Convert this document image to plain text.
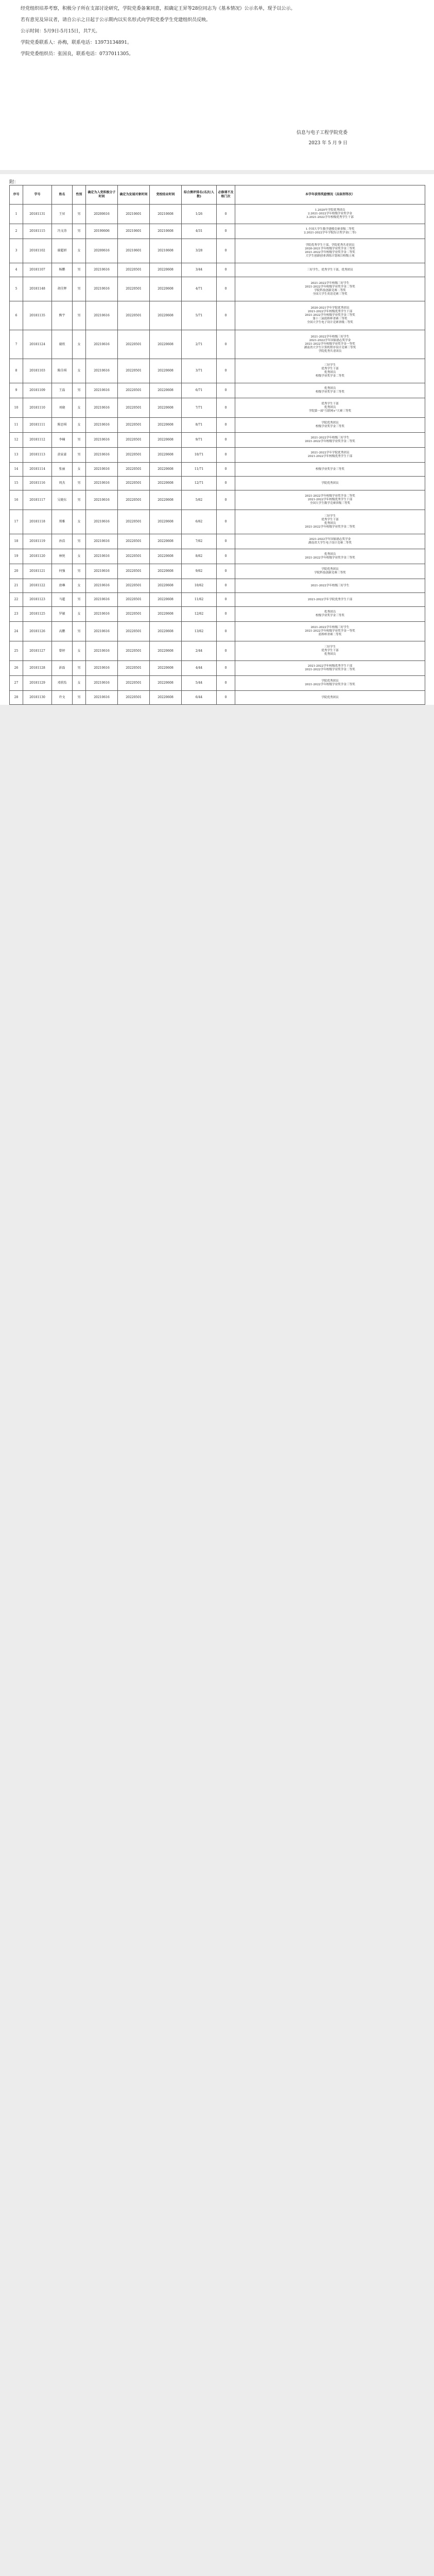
经党组织培养考察，积极分子所在支部讨论研究，学院党委备案同意，拟确定王昇等28位同志为《基本情况》公示名单，现予以公示。

若有意见及异议者，请自公示之日起于公示期内以实名形式向学院党委学生党建组织员反映。

公示时间：5月9日-5月15日，共7天。

学院党委联系人：孙梅，联系电话：13973134891。

学院党委组织员：张国良，联系电话：0737011305。

信息与电子工程学院党委
2023 年 5 月 9 日

附：

序号	学号	姓名	性别	确定为入党积极分子时间	确定为发展对象时间	党校结业时间	综合测评排名(名次/人数)	必修课不及格门次	本学年获得奖励情况（具体到等次）
1	20181131	王昇	男	20200616	20210601	20210608	1/26	0	1.2020年学院优秀团员
2.2021-2022学年校级学业奖学金
3.2021-2022学年校级优秀学生干部
2	20181115	冯文涛	男	20190606	20210601	20210608	4/31	0	1.全国大学生数学建模竞赛省级二等奖
2.2021-2022学年学院综合奖学金(二等)
3	20181102	谢超妍	女	20200616	20210601	20210608	3/28	0	学院优秀学生干部，学院优秀共青团员
2020-2021学年校级学业奖学金三等奖
2021-2022学年校级学业奖学金二等奖
大学生创新创业训练计划项目校级立项
4	20181107	杨鹏	男	20210616	20220501	20220608	3/44	0	三好学生，优秀学生干部，优秀团员
5	20181148	胡佳辉	男	20210616	20220501	20220608	4/71	0	2021-2022学年校级三好学生
2021-2022学年校级学业奖学金二等奖
学院科技创新竞赛二等奖
全国大学生英语竞赛三等奖
6	20181135	熊宇	男	20210616	20220501	20220608	5/71	0	2020-2021学年学院优秀团员
2021-2022学年校级优秀学生干部
2021-2022学年校级学业奖学金三等奖
第十三届蓝桥杯省赛三等奖
全国大学生电子设计竞赛省级二等奖
7	20181124	谢欣	女	20210616	20220501	20220608	2/71	0	2021-2022学年校级三好学生
2021-2022学年国家励志奖学金
2021-2022学年校级学业奖学金一等奖
湖南省大学生计算机程序设计竞赛三等奖
学院优秀共青团员
8	20181103	陈佳琪	女	20210616	20220501	20220608	3/71	0	三好学生
优秀学生干部
优秀团员
校级学业奖学金二等奖
9	20181109	王磊	男	20210616	20220501	20220608	6/71	0	优秀团员
校级学业奖学金三等奖
10	20181110	刘晓	女	20210616	20220501	20220608	7/71	0	优秀学生干部
优秀团员
学院第一届"互联网+"大赛三等奖
11	20181111	陈思琪	女	20210616	20220501	20220608	8/71	0	学院优秀团员
校级学业奖学金三等奖
12	20181112	李楠	男	20210616	20220501	20220608	9/71	0	2021-2022学年校级三好学生
2021-2022学年校级学业奖学金二等奖
13	20181113	黄家豪	男	20210616	20220501	20220608	10/71	0	2021-2022学年学院优秀团员
2021-2022学年校级优秀学生干部
14	20181114	张丽	女	20210616	20220501	20220608	11/71	0	校级学业奖学金三等奖
15	20181116	周杰	男	20210616	20220501	20220608	12/71	0	学院优秀团员
16	20181117	吴晓东	男	20210616	20220501	20220608	5/62	0	2021-2022学年校级学业奖学金二等奖
2021-2022学年校级优秀学生干部
全国大学生数学竞赛省级三等奖
17	20181118	郑雅	女	20210616	20220501	20220608	6/62	0	三好学生
优秀学生干部
优秀团员
2021-2022学年校级学业奖学金二等奖
18	20181119	孙浩	男	20210616	20220501	20220608	7/62	0	2021-2022学年国家励志奖学金
湖南省大学生电子设计竞赛二等奖
19	20181120	林悦	女	20210616	20220501	20220608	8/62	0	优秀团员
2021-2022学年校级学业奖学金三等奖
20	20181121	何强	男	20210616	20220501	20220608	9/62	0	学院优秀团员
学院科技创新竞赛三等奖
21	20181122	唐琳	女	20210616	20220501	20220608	10/62	0	2021-2022学年校级三好学生
22	20181123	马超	男	20210616	20220501	20220608	11/62	0	2021-2022学年学院优秀学生干部
23	20181125	罗敏	女	20210616	20220501	20220608	12/62	0	优秀团员
校级学业奖学金三等奖
24	20181126	高鹏	男	20210616	20220501	20220608	13/62	0	2021-2022学年校级三好学生
2021-2022学年校级学业奖学金一等奖
蓝桥杯省赛二等奖
25	20181127	曾婷	女	20210616	20220501	20220608	2/44	0	三好学生
优秀学生干部
优秀团员
26	20181128	彭磊	男	20210616	20220501	20220608	4/44	0	2021-2022学年校级优秀学生干部
2021-2022学年校级学业奖学金二等奖
27	20181129	邓欣怡	女	20210616	20220501	20220608	5/44	0	学院优秀团员
2021-2022学年校级学业奖学金三等奖
28	20181130	许文	男	20210616	20220501	20220608	6/44	0	学院优秀团员
